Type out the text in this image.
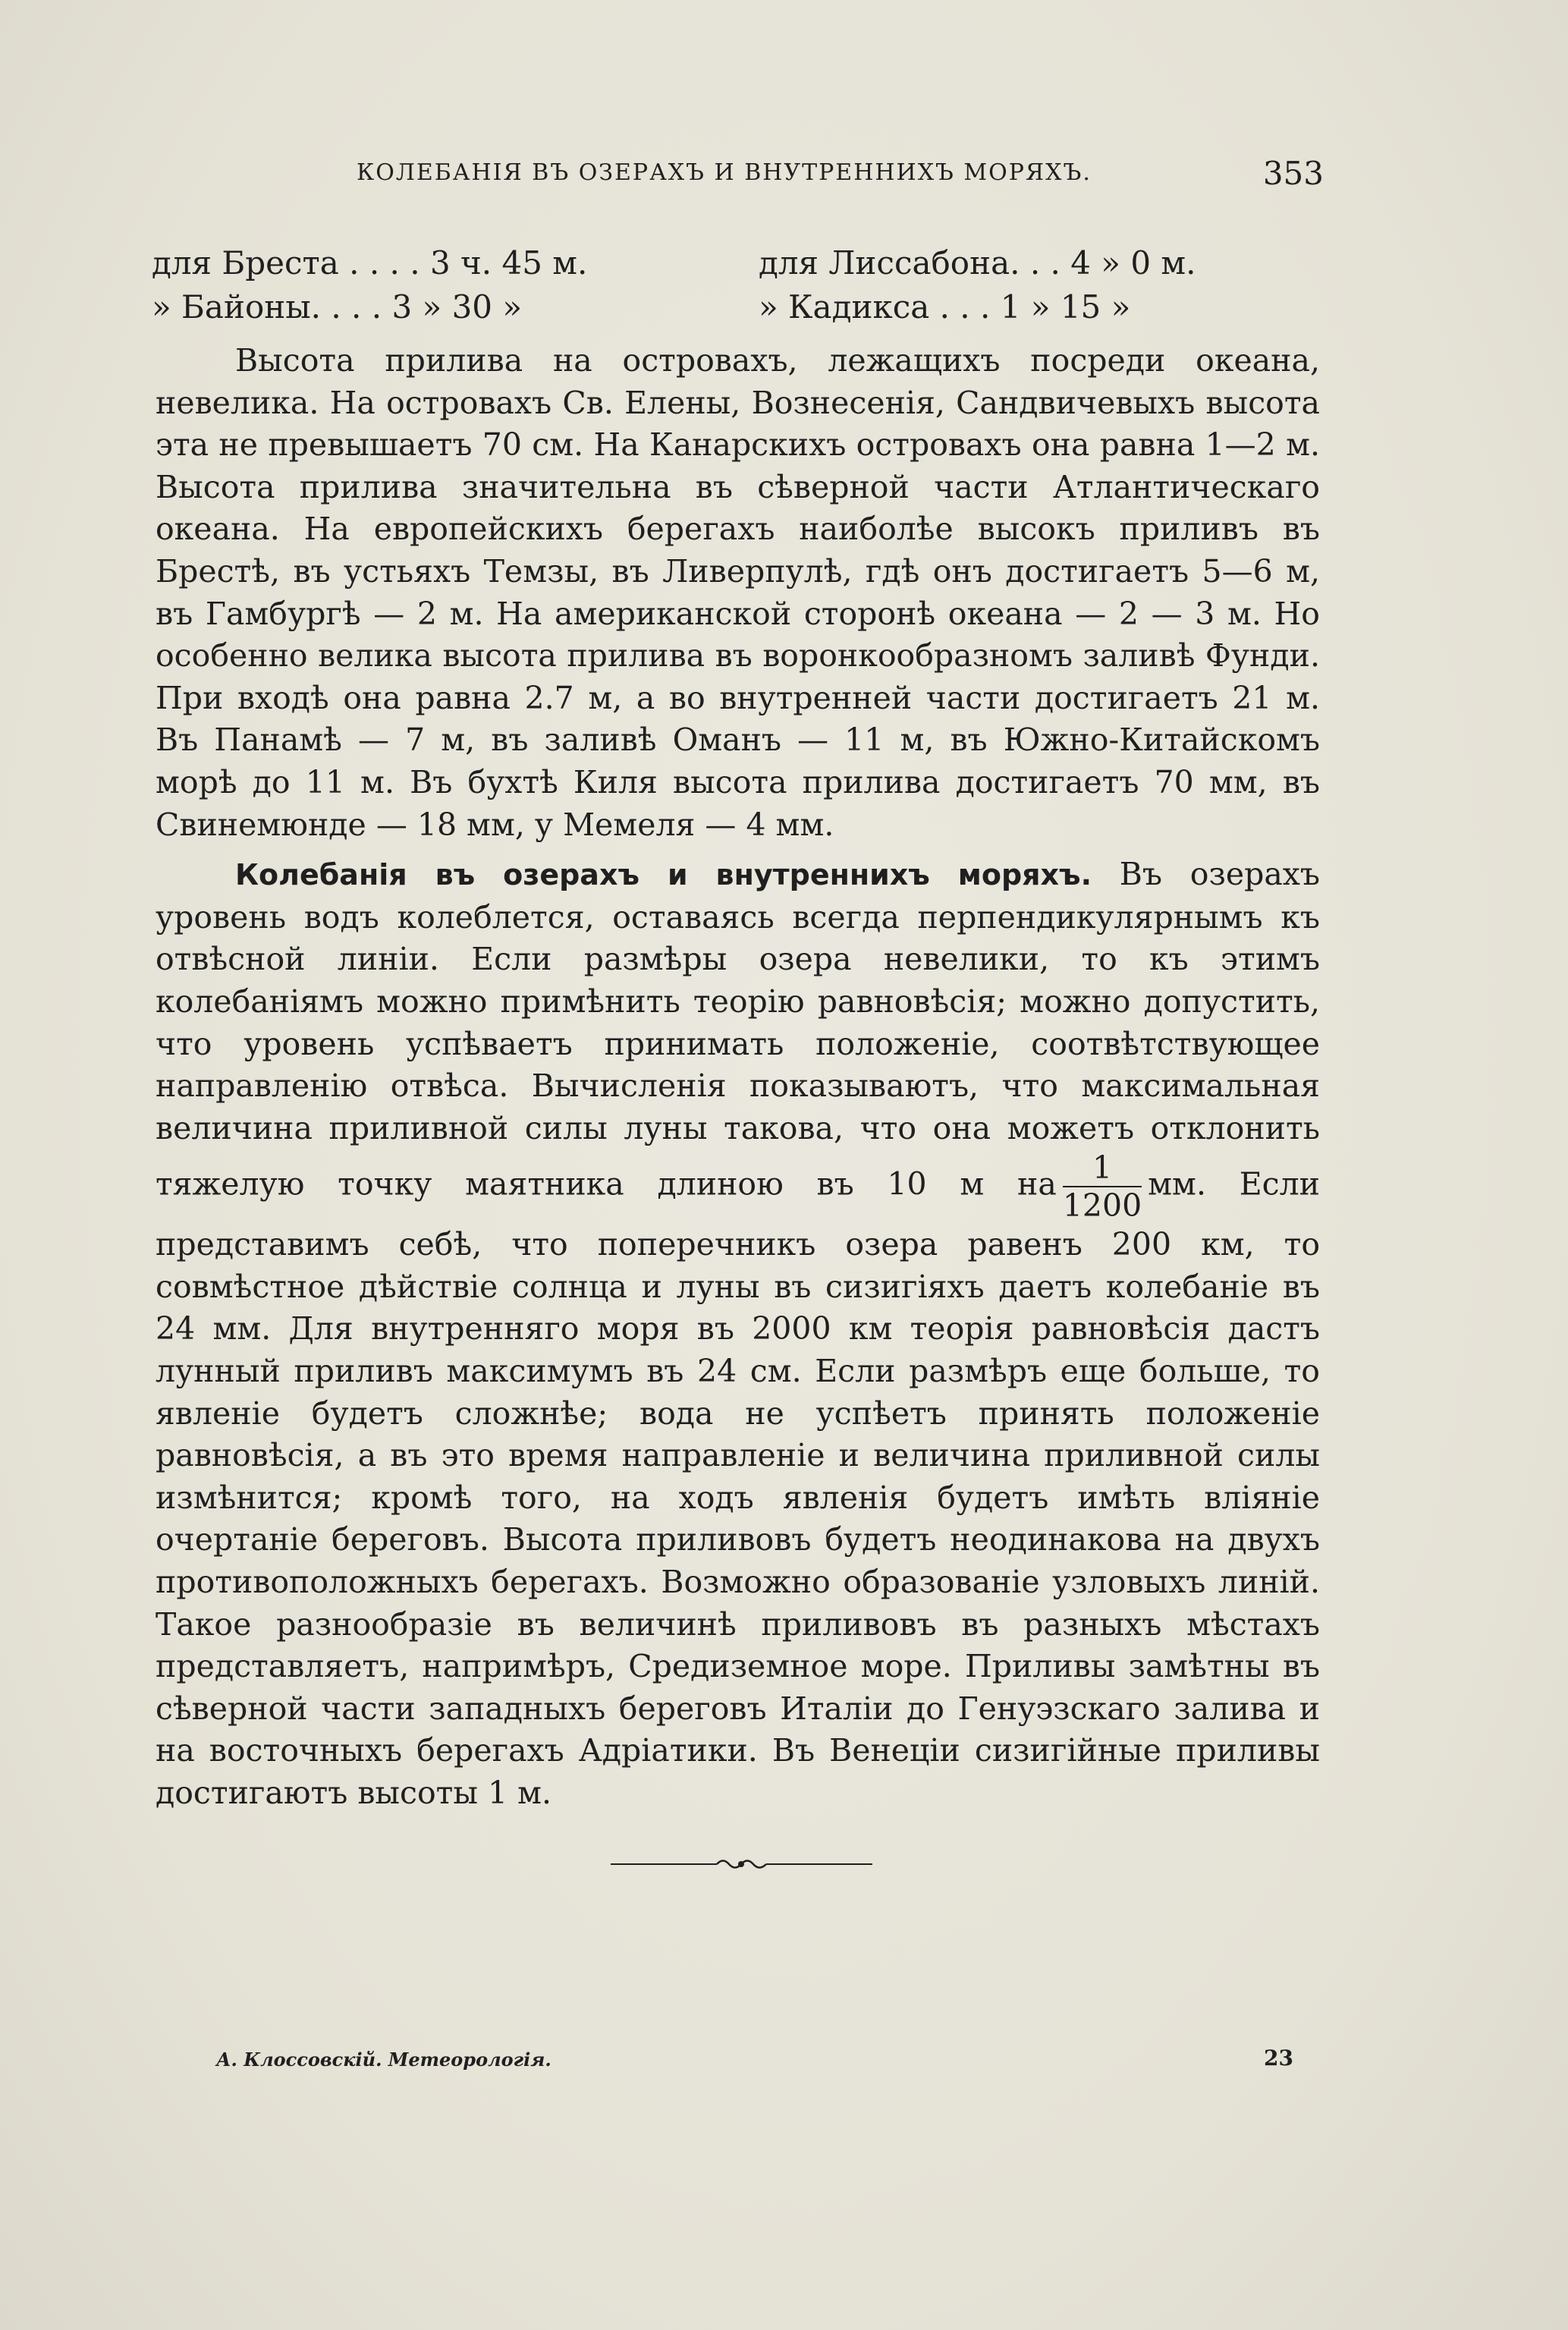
КОЛЕБАНІЯ ВЪ ОЗЕРАХЪ И ВНУТРЕННИХЪ МОРЯХЪ.	353
для Бреста . . . . 3 ч. 45 м.	для Лиссабона. . . 4 » 0 м.
» Байоны. . . . 3 » 30 »	» Кадикса . . . 1 » 15 »

Высота прилива на островахъ, лежащихъ посреди океана, невелика. На островахъ Св. Елены, Вознесенія, Сандвичевыхъ высота эта не превышаетъ 70 см. На Канарскихъ островахъ она равна 1—2 м. Высота прилива значительна въ сѣверной части Атлантическаго океана. На европейскихъ берегахъ наиболѣе высокъ приливъ въ Брестѣ, въ устьяхъ Темзы, въ Ливерпулѣ, гдѣ онъ достигаетъ 5—6 м, въ Гамбургѣ — 2 м. На американской сторонѣ океана — 2 — 3 м. Но особенно велика высота прилива въ воронкообразномъ заливѣ Фунди. При входѣ она равна 2.7 м, а во внутренней части достигаетъ 21 м. Въ Панамѣ — 7 м, въ заливѣ Оманъ — 11 м, въ Южно-Китайскомъ морѣ до 11 м. Въ бухтѣ Киля высота прилива достигаетъ 70 мм, въ Свинемюнде — 18 мм, у Мемеля — 4 мм.

Колебанія въ озерахъ и внутреннихъ моряхъ. Въ озерахъ уровень водъ колеблется, оставаясь всегда перпендикулярнымъ къ отвѣсной линіи. Если размѣры озера невелики, то къ этимъ колебаніямъ можно примѣнить теорію равновѣсія; можно допустить, что уровень успѣваетъ принимать положеніе, соотвѣтствующее направленію отвѣса. Вычисленія показываютъ, что максимальная величина приливной силы луны такова, что она можетъ отклонить тяжелую точку маятника длиною въ 10 м на $\frac{1}{1200}$ мм. Если представимъ себѣ, что поперечникъ озера равенъ 200 км, то совмѣстное дѣйствіе солнца и луны въ сизигіяхъ даетъ колебаніе въ 24 мм. Для внутренняго моря въ 2000 км теорія равновѣсія дастъ лунный приливъ максимумъ въ 24 см. Если размѣръ еще больше, то явленіе будетъ сложнѣе; вода не успѣетъ принять положеніе равновѣсія, а въ это время направленіе и величина приливной силы измѣнится; кромѣ того, на ходъ явленія будетъ имѣть вліяніе очертаніе береговъ. Высота приливовъ будетъ неодинакова на двухъ противоположныхъ берегахъ. Возможно образованіе узловыхъ линій. Такое разнообразіе въ величинѣ приливовъ въ разныхъ мѣстахъ представляетъ, напримѣръ, Средиземное море. Приливы замѣтны въ сѣверной части западныхъ береговъ Италіи до Генуэзскаго залива и на восточныхъ берегахъ Адріатики. Въ Венеціи сизигійные приливы достигаютъ высоты 1 м.

А. Клоссовскій. Метеорологія.	23
